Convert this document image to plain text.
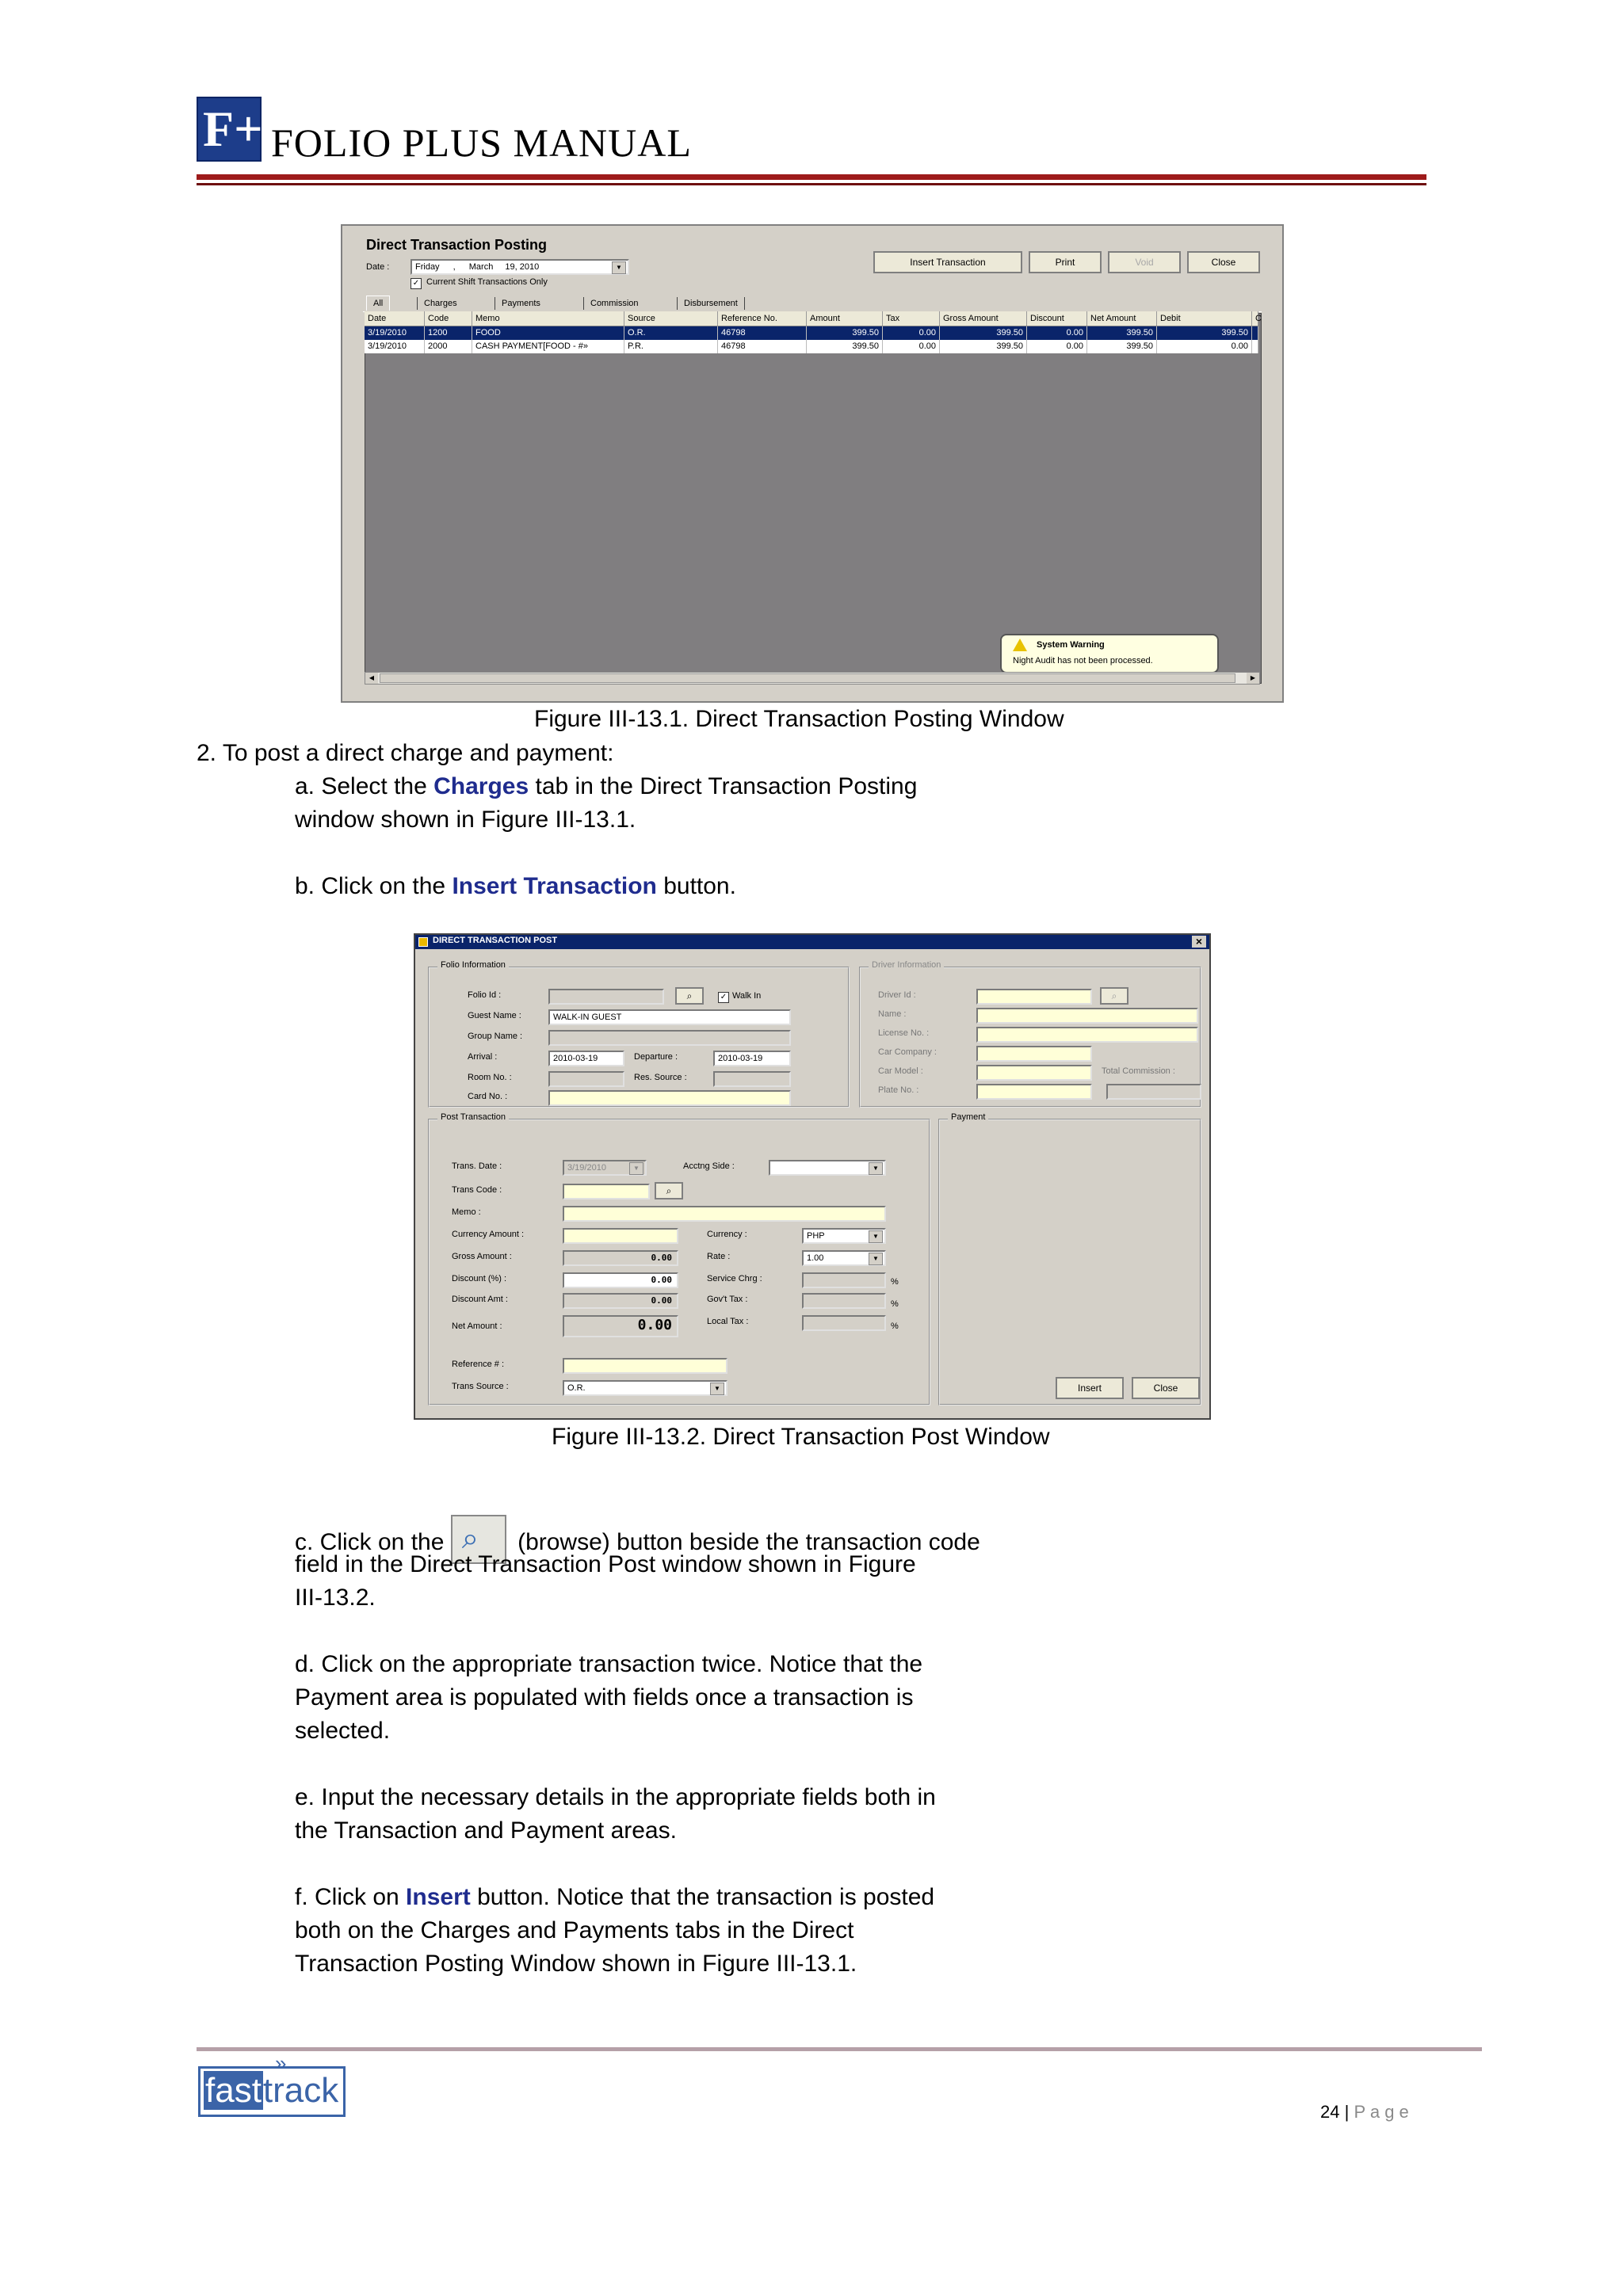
F+ FOLIO PLUS MANUAL
Direct Transaction Posting
Date :	Friday , March 19, 2010	▼
✓ Current Shift Transactions Only
Insert Transaction	Print	Void	Close
All	Charges	Payments	Commission	Disbursement
Date	Code	Memo	Source	Reference No.	Amount	Tax	Gross Amount	Discount	Net Amount	Debit	C
3/19/2010	1200	FOOD	O.R.	46798	399.50	0.00	399.50	0.00	399.50	399.50
3/19/2010	2000	CASH PAYMENT[FOOD - #»	P.R.	46798	399.50	0.00	399.50	0.00	399.50	0.00
System Warning
Night Audit has not been processed.
◀	▶
Figure III-13.1. Direct Transaction Posting Window
2. To post a direct charge and payment:
a. Select the Charges tab in the Direct Transaction Posting
window shown in Figure III-13.1.
b. Click on the Insert Transaction button.
DIRECT TRANSACTION POST	×
Folio Information
Folio Id :	⌕	✓ Walk In
Guest Name :	WALK-IN GUEST
Group Name :
Arrival :	2010-03-19	Departure :	2010-03-19
Room No. :	Res. Source :
Card No. :
Driver Information
Driver Id :	⌕
Name :
License No. :
Car Company :
Car Model :	Total Commission :
Plate No. :
Post Transaction
Trans. Date :	3/19/2010	▼	Acctng Side :	▼
Trans Code :	⌕
Memo :
Currency Amount :	Currency :	PHP	▼
Gross Amount :	0.00	Rate :	1.00	▼
Discount (%) :	0.00	Service Chrg :	%
Discount Amt :	0.00	Gov't Tax :	%
Net Amount :	0.00	Local Tax :	%
Reference # :
Trans Source :	O.R.	▼
Payment
Insert	Close
Figure III-13.2. Direct Transaction Post Window
c. Click on the ⌕ (browse) button beside the transaction code
field in the Direct Transaction Post window shown in Figure
III-13.2.
d. Click on the appropriate transaction twice. Notice that the
Payment area is populated with fields once a transaction is
selected.
e. Input the necessary details in the appropriate fields both in
the Transaction and Payment areas.
f. Click on Insert button. Notice that the transaction is posted
both on the Charges and Payments tabs in the Direct
Transaction Posting Window shown in Figure III-13.1.
fasttrack
»
24 | P a g e
